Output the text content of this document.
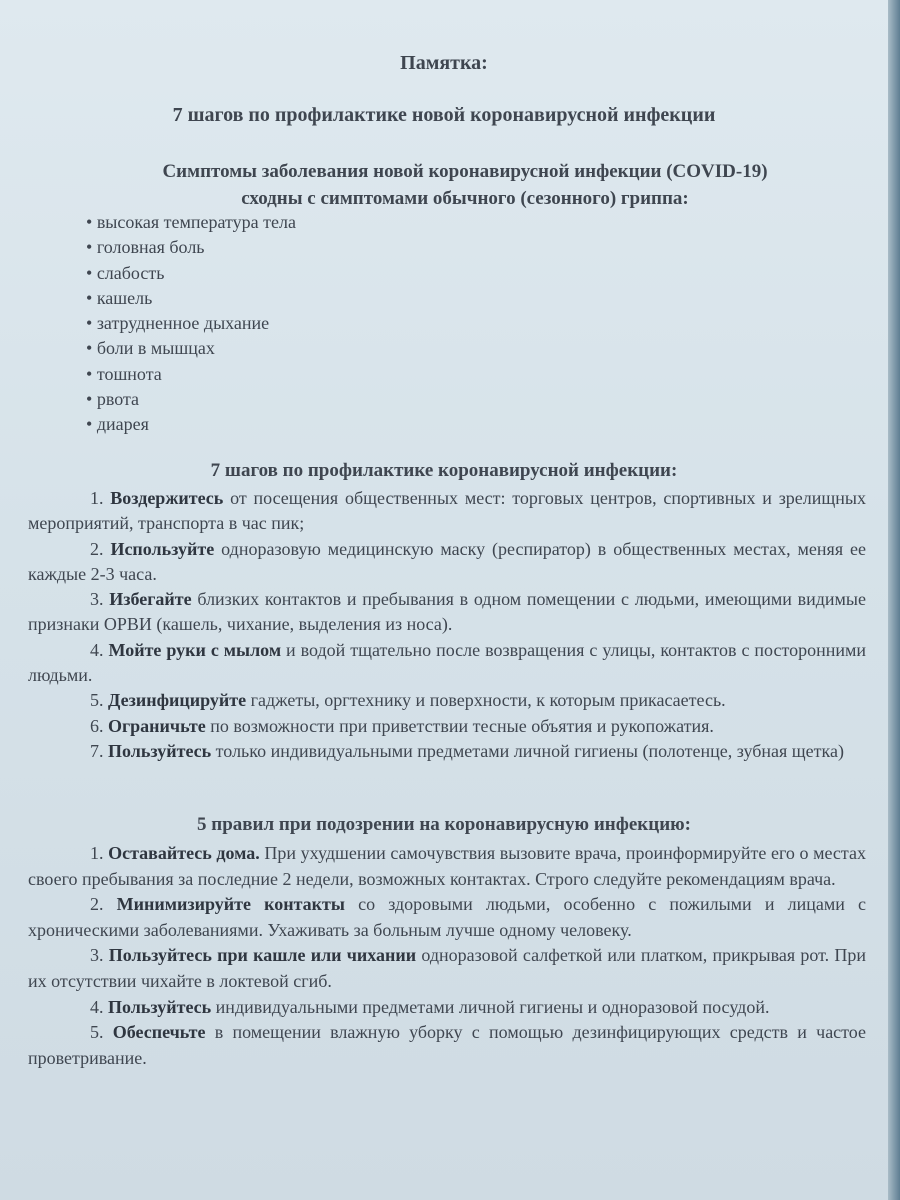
Памятка:
7 шагов по профилактике новой коронавирусной инфекции
Симптомы заболевания новой коронавирусной инфекции (COVID-19)
сходны с симптомами обычного (сезонного) гриппа:
• высокая температура тела
• головная боль
• слабость
• кашель
• затрудненное дыхание
• боли в мышцах
• тошнота
• рвота
• диарея
7 шагов по профилактике коронавирусной инфекции:

1. Воздержитесь от посещения общественных мест: торговых центров, спортивных и зрелищных мероприятий, транспорта в час пик;

2. Используйте одноразовую медицинскую маску (респиратор) в общественных местах, меняя ее каждые 2-3 часа.

3. Избегайте близких контактов и пребывания в одном помещении с людьми, имеющими видимые признаки ОРВИ (кашель, чихание, выделения из носа).

4. Мойте руки с мылом и водой тщательно после возвращения с улицы, контактов с посторонними людьми.

5. Дезинфицируйте гаджеты, оргтехнику и поверхности, к которым прикасаетесь.

6. Ограничьте по возможности при приветствии тесные объятия и рукопожатия.

7. Пользуйтесь только индивидуальными предметами личной гигиены (полотенце, зубная щетка)

5 правил при подозрении на коронавирусную инфекцию:

1. Оставайтесь дома. При ухудшении самочувствия вызовите врача, проинформируйте его о местах своего пребывания за последние 2 недели, возможных контактах. Строго следуйте рекомендациям врача.

2. Минимизируйте контакты со здоровыми людьми, особенно с пожилыми и лицами с хроническими заболеваниями. Ухаживать за больным лучше одному человеку.

3. Пользуйтесь при кашле или чихании одноразовой салфеткой или платком, прикрывая рот. При их отсутствии чихайте в локтевой сгиб.

4. Пользуйтесь индивидуальными предметами личной гигиены и одноразовой посудой.

5. Обеспечьте в помещении влажную уборку с помощью дезинфицирующих средств и частое проветривание.
